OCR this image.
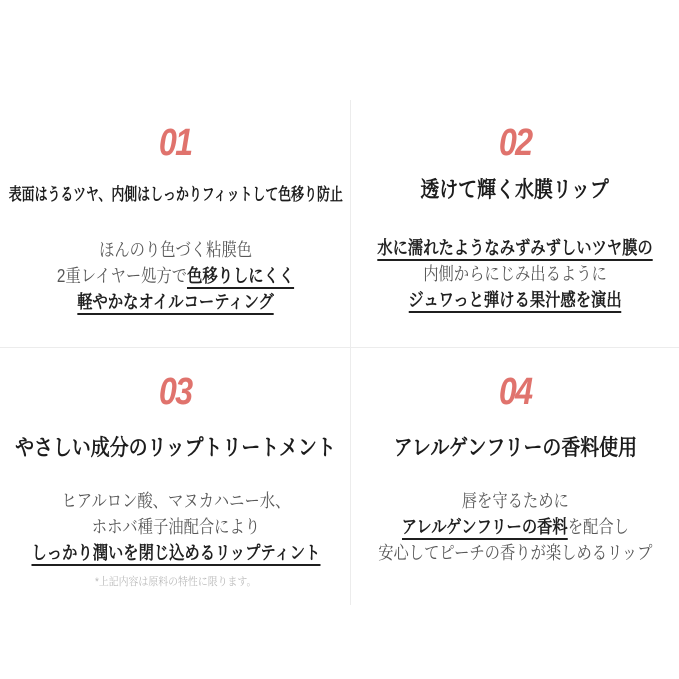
01
表面はうるツヤ、内側はしっかりフィットして色移り防止
ほんのり色づく粘膜色
2重レイヤー処方で色移りしにくく
軽やかなオイルコーティング
02
透けて輝く水膜リップ
水に濡れたようなみずみずしいツヤ膜の
内側からにじみ出るように
ジュワっと弾ける果汁感を演出
03
やさしい成分のリップトリートメント
ヒアルロン酸、マヌカハニー水、
ホホバ種子油配合により
しっかり潤いを閉じ込めるリップティント
*上記内容は原料の特性に限ります。
04
アレルゲンフリーの香料使用
唇を守るために
アレルゲンフリーの香料を配合し
安心してピーチの香りが楽しめるリップ
